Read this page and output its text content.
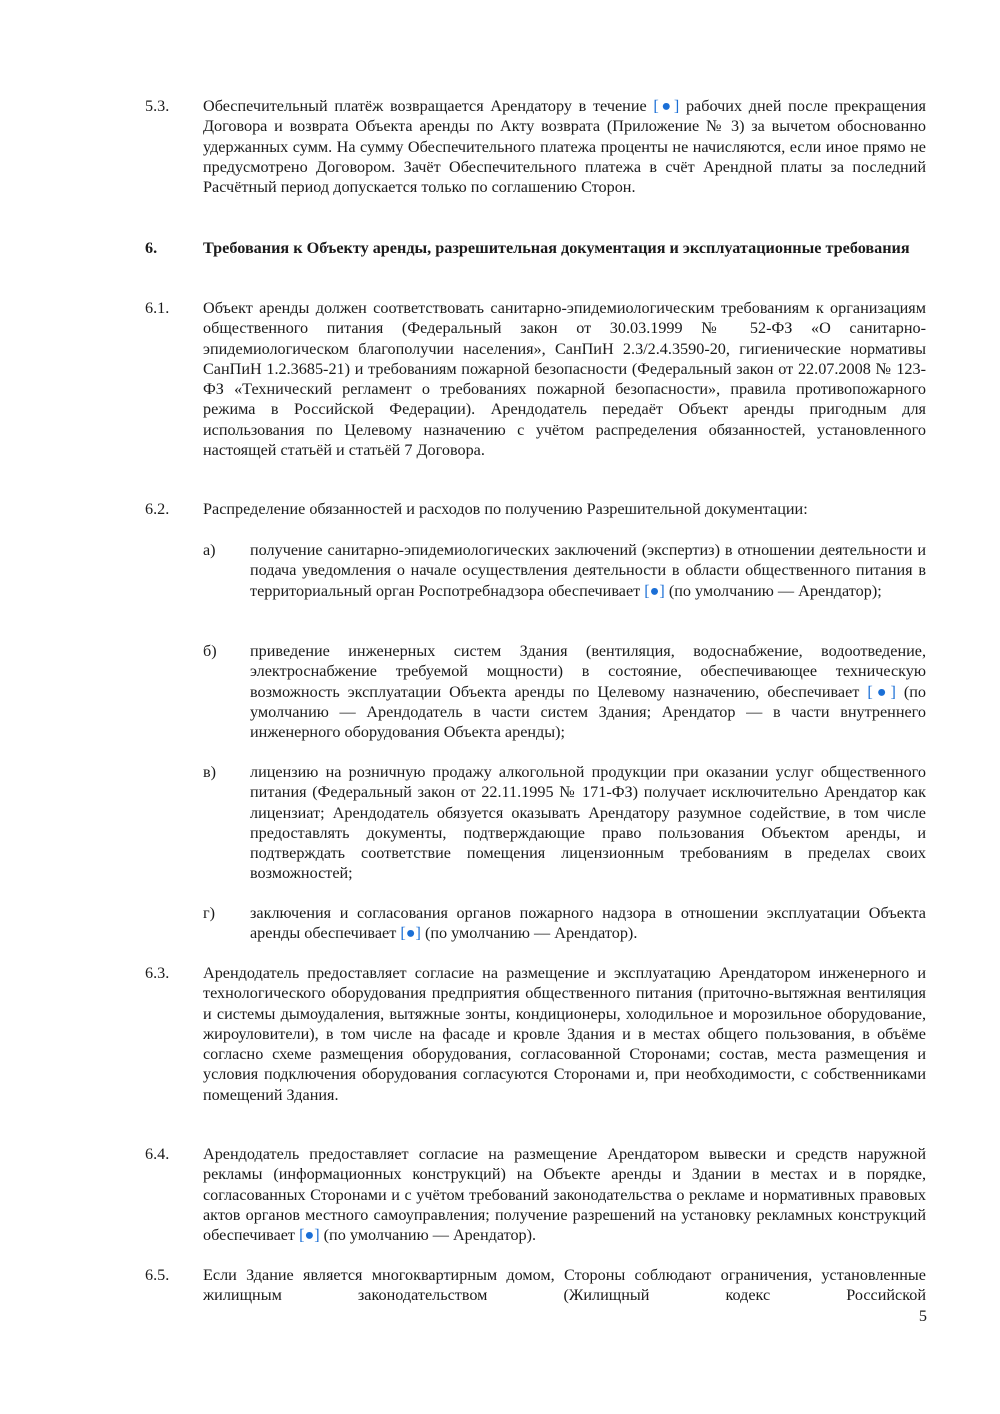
5.3. Обеспечительный платёж возвращается Арендатору в течение [●] рабочих дней после прекращения Договора и возврата Объекта аренды по Акту возврата (Приложение № 3) за вычетом обоснованно удержанных сумм. На сумму Обеспечительного платежа проценты не начисляются, если иное прямо не предусмотрено Договором. Зачёт Обеспечительного платежа в счёт Арендной платы за последний Расчётный период допускается только по соглашению Сторон.
6.	Требования к Объекту аренды, разрешительная документация и эксплуатационные требования
6.1. Объект аренды должен соответствовать санитарно-эпидемиологическим требованиям к организациям общественного питания (Федеральный закон от 30.03.1999 № 52-ФЗ «О санитарно-эпидемиологическом благополучии населения», СанПиН 2.3/2.4.3590-20, гигиенические нормативы СанПиН 1.2.3685-21) и требованиям пожарной безопасности (Федеральный закон от 22.07.2008 № 123-ФЗ «Технический регламент о требованиях пожарной безопасности», правила противопожарного режима в Российской Федерации). Арендодатель передаёт Объект аренды пригодным для использования по Целевому назначению с учётом распределения обязанностей, установленного настоящей статьёй и статьёй 7 Договора.
6.2. Распределение обязанностей и расходов по получению Разрешительной документации:
а) получение санитарно-эпидемиологических заключений (экспертиз) в отношении деятельности и подача уведомления о начале осуществления деятельности в области общественного питания в территориальный орган Роспотребнадзора обеспечивает [●] (по умолчанию — Арендатор);
б) приведение инженерных систем Здания (вентиляция, водоснабжение, водоотведение, электроснабжение требуемой мощности) в состояние, обеспечивающее техническую возможность эксплуатации Объекта аренды по Целевому назначению, обеспечивает [●] (по умолчанию — Арендодатель в части систем Здания; Арендатор — в части внутреннего инженерного оборудования Объекта аренды);
в) лицензию на розничную продажу алкогольной продукции при оказании услуг общественного питания (Федеральный закон от 22.11.1995 № 171-ФЗ) получает исключительно Арендатор как лицензиат; Арендодатель обязуется оказывать Арендатору разумное содействие, в том числе предоставлять документы, подтверждающие право пользования Объектом аренды, и подтверждать соответствие помещения лицензионным требованиям в пределах своих возможностей;
г) заключения и согласования органов пожарного надзора в отношении эксплуатации Объекта аренды обеспечивает [●] (по умолчанию — Арендатор).
6.3. Арендодатель предоставляет согласие на размещение и эксплуатацию Арендатором инженерного и технологического оборудования предприятия общественного питания (приточно-вытяжная вентиляция и системы дымоудаления, вытяжные зонты, кондиционеры, холодильное и морозильное оборудование, жироуловители), в том числе на фасаде и кровле Здания и в местах общего пользования, в объёме согласно схеме размещения оборудования, согласованной Сторонами; состав, места размещения и условия подключения оборудования согласуются Сторонами и, при необходимости, с собственниками помещений Здания.
6.4. Арендодатель предоставляет согласие на размещение Арендатором вывески и средств наружной рекламы (информационных конструкций) на Объекте аренды и Здании в местах и в порядке, согласованных Сторонами и с учётом требований законодательства о рекламе и нормативных правовых актов органов местного самоуправления; получение разрешений на установку рекламных конструкций обеспечивает [●] (по умолчанию — Арендатор).
6.5. Если Здание является многоквартирным домом, Стороны соблюдают ограничения, установленные жилищным законодательством (Жилищный кодекс Российской
5
